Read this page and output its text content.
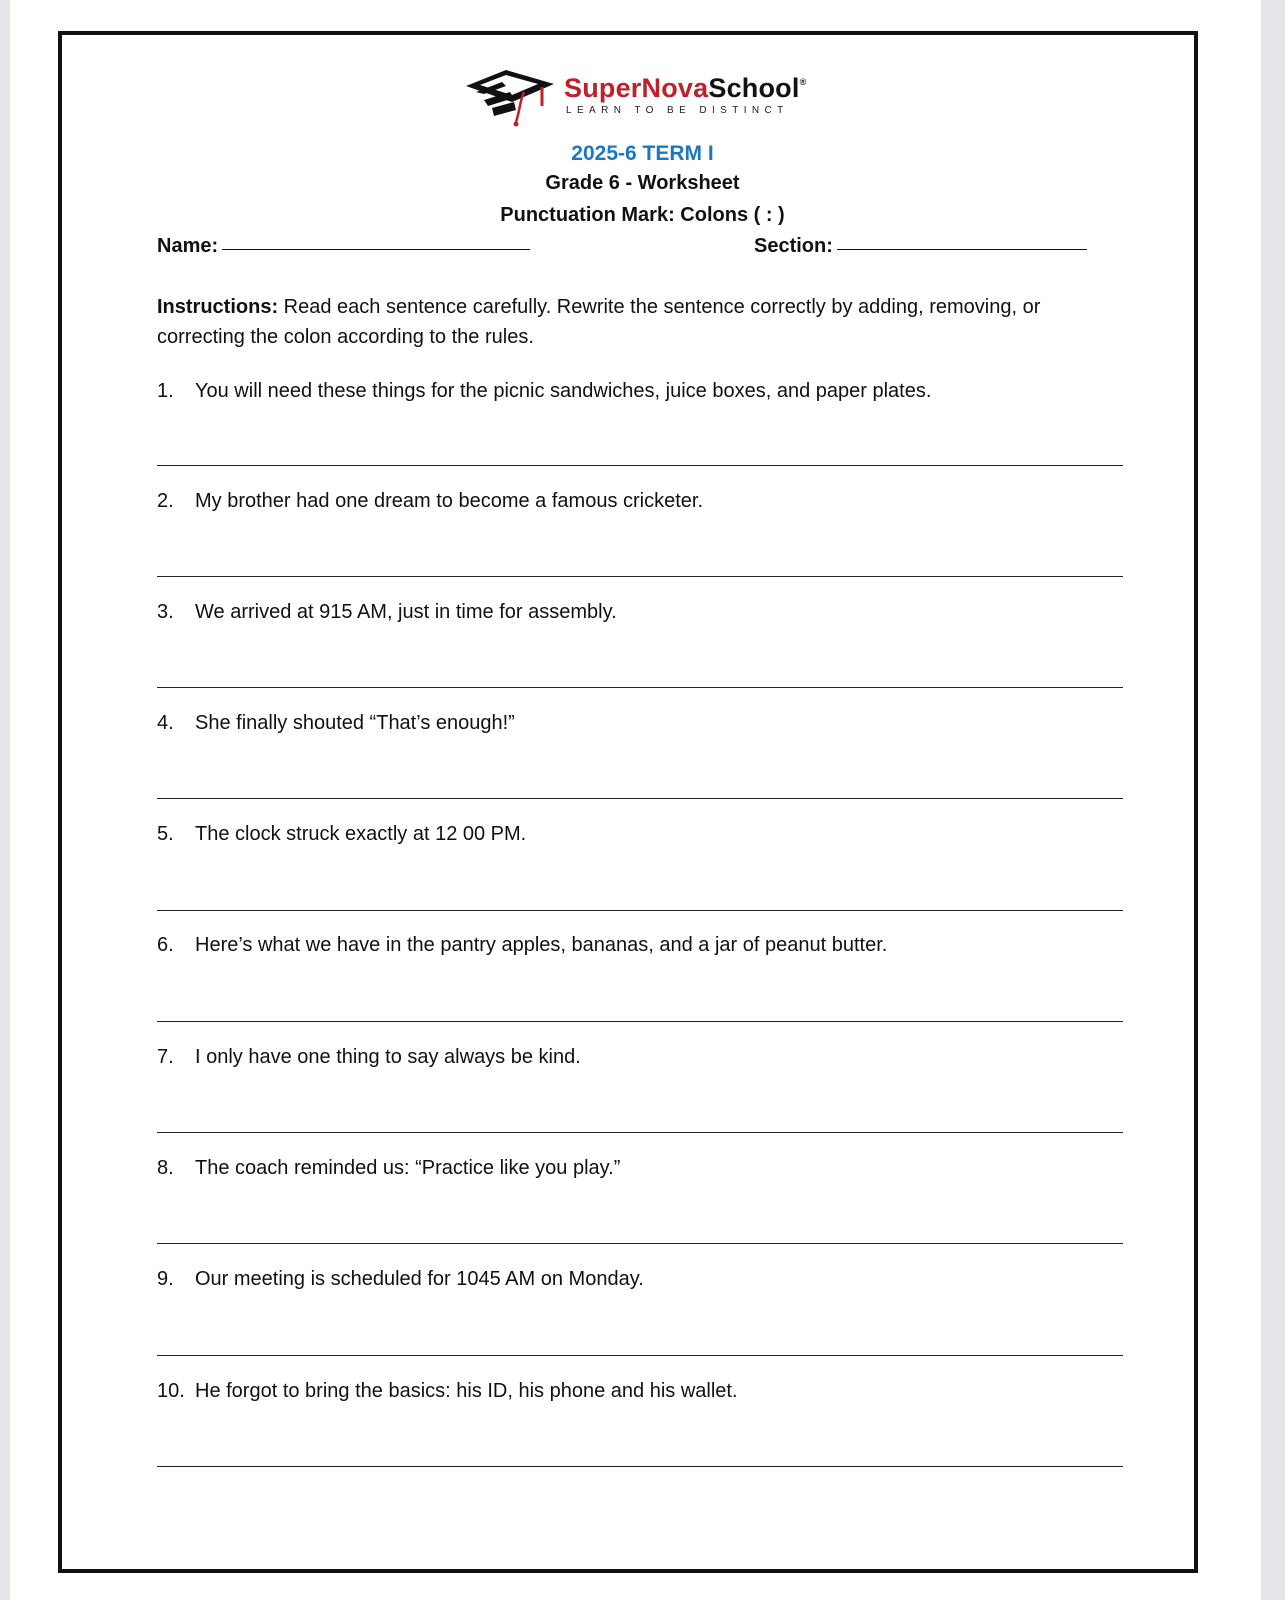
SuperNovaSchool®
LEARN TO BE DISTINCT
2025-6 TERM I
Grade 6 - Worksheet
Punctuation Mark: Colons ( : )
Name:	Section:
Instructions: Read each sentence carefully. Rewrite the sentence correctly by adding, removing, or correcting the colon according to the rules.
1. You will need these things for the picnic sandwiches, juice boxes, and paper plates.
2. My brother had one dream to become a famous cricketer.
3. We arrived at 915 AM, just in time for assembly.
4. She finally shouted “That’s enough!”
5. The clock struck exactly at 12 00 PM.
6. Here’s what we have in the pantry apples, bananas, and a jar of peanut butter.
7. I only have one thing to say always be kind.
8. The coach reminded us: “Practice like you play.”
9. Our meeting is scheduled for 1045 AM on Monday.
10. He forgot to bring the basics: his ID, his phone and his wallet.
